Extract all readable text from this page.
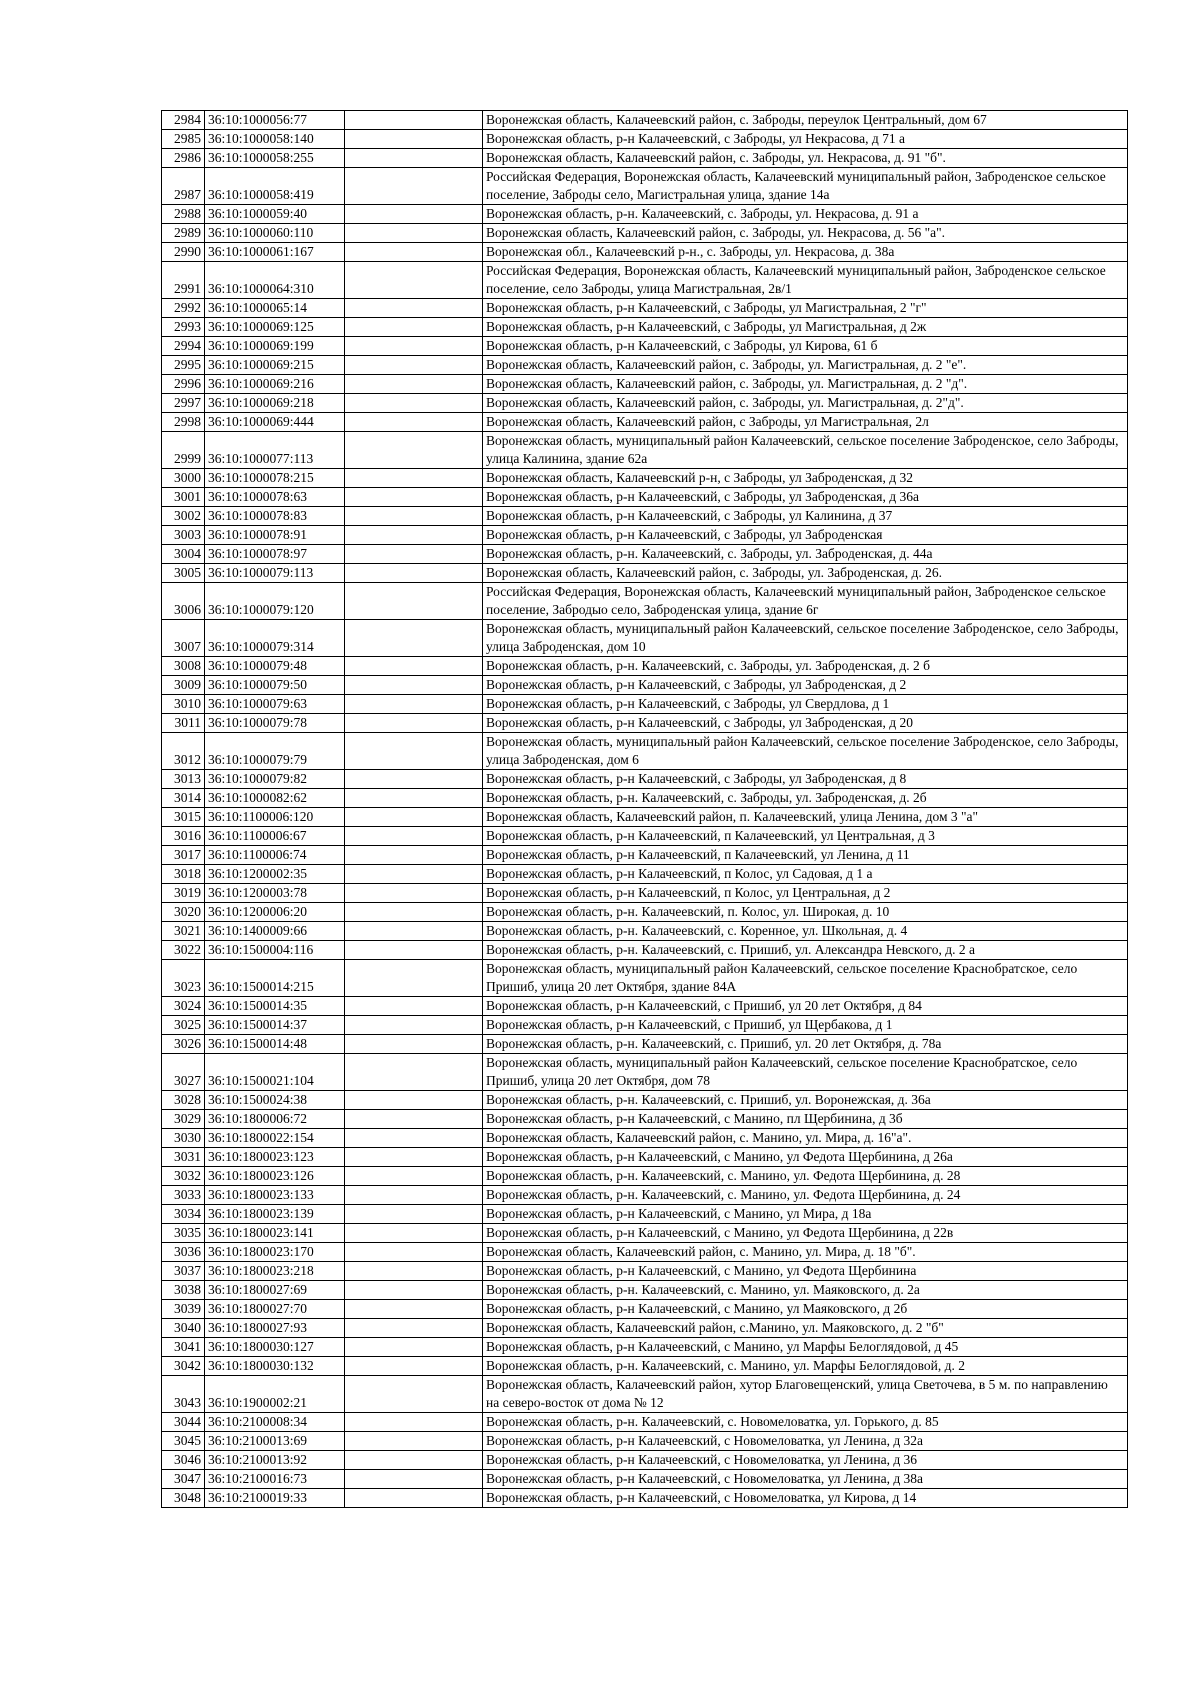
2984	36:10:1000056:77		Воронежская область, Калачеевский район, с. Заброды, переулок Центральный, дом 67
2985	36:10:1000058:140		Воронежская область, р-н Калачеевский, с Заброды, ул Некрасова, д 71 а
2986	36:10:1000058:255		Воронежская область, Калачеевский район, с. Заброды, ул. Некрасова, д. 91 "б".
2987	36:10:1000058:419		Российская Федерация, Воронежская область, Калачеевский муниципальный район, Заброденское сельское поселение, Заброды село, Магистральная улица, здание 14а
2988	36:10:1000059:40		Воронежская область, р-н. Калачеевский, с. Заброды, ул. Некрасова, д. 91 а
2989	36:10:1000060:110		Воронежская область, Калачеевский район, с. Заброды, ул. Некрасова, д. 56 "а".
2990	36:10:1000061:167		Воронежская обл., Калачеевский р-н., с. Заброды, ул. Некрасова, д. 38а
2991	36:10:1000064:310		Российская Федерация, Воронежская область, Калачеевский муниципальный район, Заброденское сельское поселение, село Заброды, улица Магистральная, 2в/1
2992	36:10:1000065:14		Воронежская область, р-н Калачеевский, с Заброды, ул Магистральная, 2 "г"
2993	36:10:1000069:125		Воронежская область, р-н Калачеевский, с Заброды, ул Магистральная, д 2ж
2994	36:10:1000069:199		Воронежская область, р-н Калачеевский, с Заброды, ул Кирова, 61 б
2995	36:10:1000069:215		Воронежская область, Калачеевский район, с. Заброды, ул. Магистральная, д. 2 "е".
2996	36:10:1000069:216		Воронежская область, Калачеевский район, с. Заброды, ул. Магистральная, д. 2 "д".
2997	36:10:1000069:218		Воронежская область, Калачеевский район, с. Заброды, ул. Магистральная, д. 2"д".
2998	36:10:1000069:444		Воронежская область, Калачеевский район, с Заброды, ул Магистральная, 2л
2999	36:10:1000077:113		Воронежская область, муниципальный район Калачеевский, сельское поселение Заброденское, село Заброды, улица Калинина, здание 62а
3000	36:10:1000078:215		Воронежская область, Калачеевский р-н, с Заброды, ул Заброденская, д 32
3001	36:10:1000078:63		Воронежская область, р-н Калачеевский, с Заброды, ул Заброденская, д 36а
3002	36:10:1000078:83		Воронежская область, р-н Калачеевский, с Заброды, ул Калинина, д 37
3003	36:10:1000078:91		Воронежская область, р-н Калачеевский, с Заброды, ул Заброденская
3004	36:10:1000078:97		Воронежская область, р-н. Калачеевский, с. Заброды, ул. Заброденская, д. 44а
3005	36:10:1000079:113		Воронежская область, Калачеевский район, с. Заброды, ул. Заброденская, д. 26.
3006	36:10:1000079:120		Российская Федерация, Воронежская область, Калачеевский муниципальный район, Заброденское сельское поселение, Забродыо село, Заброденская улица, здание 6г
3007	36:10:1000079:314		Воронежская область, муниципальный район Калачеевский, сельское поселение Заброденское, село Заброды, улица Заброденская, дом 10
3008	36:10:1000079:48		Воронежская область, р-н. Калачеевский, с. Заброды, ул. Заброденская, д. 2 б
3009	36:10:1000079:50		Воронежская область, р-н Калачеевский, с Заброды, ул Заброденская, д 2
3010	36:10:1000079:63		Воронежская область, р-н Калачеевский, с Заброды, ул Свердлова, д 1
3011	36:10:1000079:78		Воронежская область, р-н Калачеевский, с Заброды, ул Заброденская, д 20
3012	36:10:1000079:79		Воронежская область, муниципальный район Калачеевский, сельское поселение Заброденское, село Заброды, улица Заброденская, дом 6
3013	36:10:1000079:82		Воронежская область, р-н Калачеевский, с Заброды, ул Заброденская, д 8
3014	36:10:1000082:62		Воронежская область, р-н. Калачеевский, с. Заброды, ул. Заброденская, д. 2б
3015	36:10:1100006:120		Воронежская область, Калачеевский район, п. Калачеевский, улица Ленина, дом 3 "а"
3016	36:10:1100006:67		Воронежская область, р-н Калачеевский, п Калачеевский, ул Центральная, д 3
3017	36:10:1100006:74		Воронежская область, р-н Калачеевский, п Калачеевский, ул Ленина, д 11
3018	36:10:1200002:35		Воронежская область, р-н Калачеевский, п Колос, ул Садовая, д 1 а
3019	36:10:1200003:78		Воронежская область, р-н Калачеевский, п Колос, ул Центральная, д 2
3020	36:10:1200006:20		Воронежская область, р-н. Калачеевский, п. Колос, ул. Широкая, д. 10
3021	36:10:1400009:66		Воронежская область, р-н. Калачеевский, с. Коренное, ул. Школьная, д. 4
3022	36:10:1500004:116		Воронежская область, р-н. Калачеевский, с. Пришиб, ул. Александра Невского, д. 2 а
3023	36:10:1500014:215		Воронежская область, муниципальный район Калачеевский, сельское поселение Краснобратское, село Пришиб, улица 20 лет Октября, здание 84А
3024	36:10:1500014:35		Воронежская область, р-н Калачеевский, с Пришиб, ул 20 лет Октября, д 84
3025	36:10:1500014:37		Воронежская область, р-н Калачеевский, с Пришиб, ул Щербакова, д 1
3026	36:10:1500014:48		Воронежская область, р-н. Калачеевский, с. Пришиб, ул. 20 лет Октября, д. 78а
3027	36:10:1500021:104		Воронежская область, муниципальный район Калачеевский, сельское поселение Краснобратское, село Пришиб, улица 20 лет Октября, дом 78
3028	36:10:1500024:38		Воронежская область, р-н. Калачеевский, с. Пришиб, ул. Воронежская, д. 36а
3029	36:10:1800006:72		Воронежская область, р-н Калачеевский, с Манино, пл Щербинина, д 3б
3030	36:10:1800022:154		Воронежская область, Калачеевский район, с. Манино, ул. Мира, д. 16"а".
3031	36:10:1800023:123		Воронежская область, р-н Калачеевский, с Манино, ул Федота Щербинина, д 26а
3032	36:10:1800023:126		Воронежская область, р-н. Калачеевский, с. Манино, ул. Федота Щербинина, д. 28
3033	36:10:1800023:133		Воронежская область, р-н. Калачеевский, с. Манино, ул. Федота Щербинина, д. 24
3034	36:10:1800023:139		Воронежская область, р-н Калачеевский, с Манино, ул Мира, д 18а
3035	36:10:1800023:141		Воронежская область, р-н Калачеевский, с Манино, ул Федота Щербинина, д 22в
3036	36:10:1800023:170		Воронежская область, Калачеевский район, с. Манино, ул. Мира, д. 18 "б".
3037	36:10:1800023:218		Воронежская область, р-н Калачеевский, с Манино, ул Федота Щербинина
3038	36:10:1800027:69		Воронежская область, р-н. Калачеевский, с. Манино, ул. Маяковского, д. 2а
3039	36:10:1800027:70		Воронежская область, р-н Калачеевский, с Манино, ул Маяковского, д 2б
3040	36:10:1800027:93		Воронежская область, Калачеевский район, с.Манино, ул. Маяковского, д. 2 "б"
3041	36:10:1800030:127		Воронежская область, р-н Калачеевский, с Манино, ул Марфы Белоглядовой, д 45
3042	36:10:1800030:132		Воронежская область, р-н. Калачеевский, с. Манино, ул. Марфы Белоглядовой, д. 2
3043	36:10:1900002:21		Воронежская область, Калачеевский район, хутор Благовещенский, улица Светочева, в 5 м. по направлению на северо-восток от дома № 12
3044	36:10:2100008:34		Воронежская область, р-н. Калачеевский, с. Новомеловатка, ул. Горького, д. 85
3045	36:10:2100013:69		Воронежская область, р-н Калачеевский, с Новомеловатка, ул Ленина, д 32а
3046	36:10:2100013:92		Воронежская область, р-н Калачеевский, с Новомеловатка, ул Ленина, д 36
3047	36:10:2100016:73		Воронежская область, р-н Калачеевский, с Новомеловатка, ул Ленина, д 38а
3048	36:10:2100019:33		Воронежская область, р-н Калачеевский, с Новомеловатка, ул Кирова, д 14
